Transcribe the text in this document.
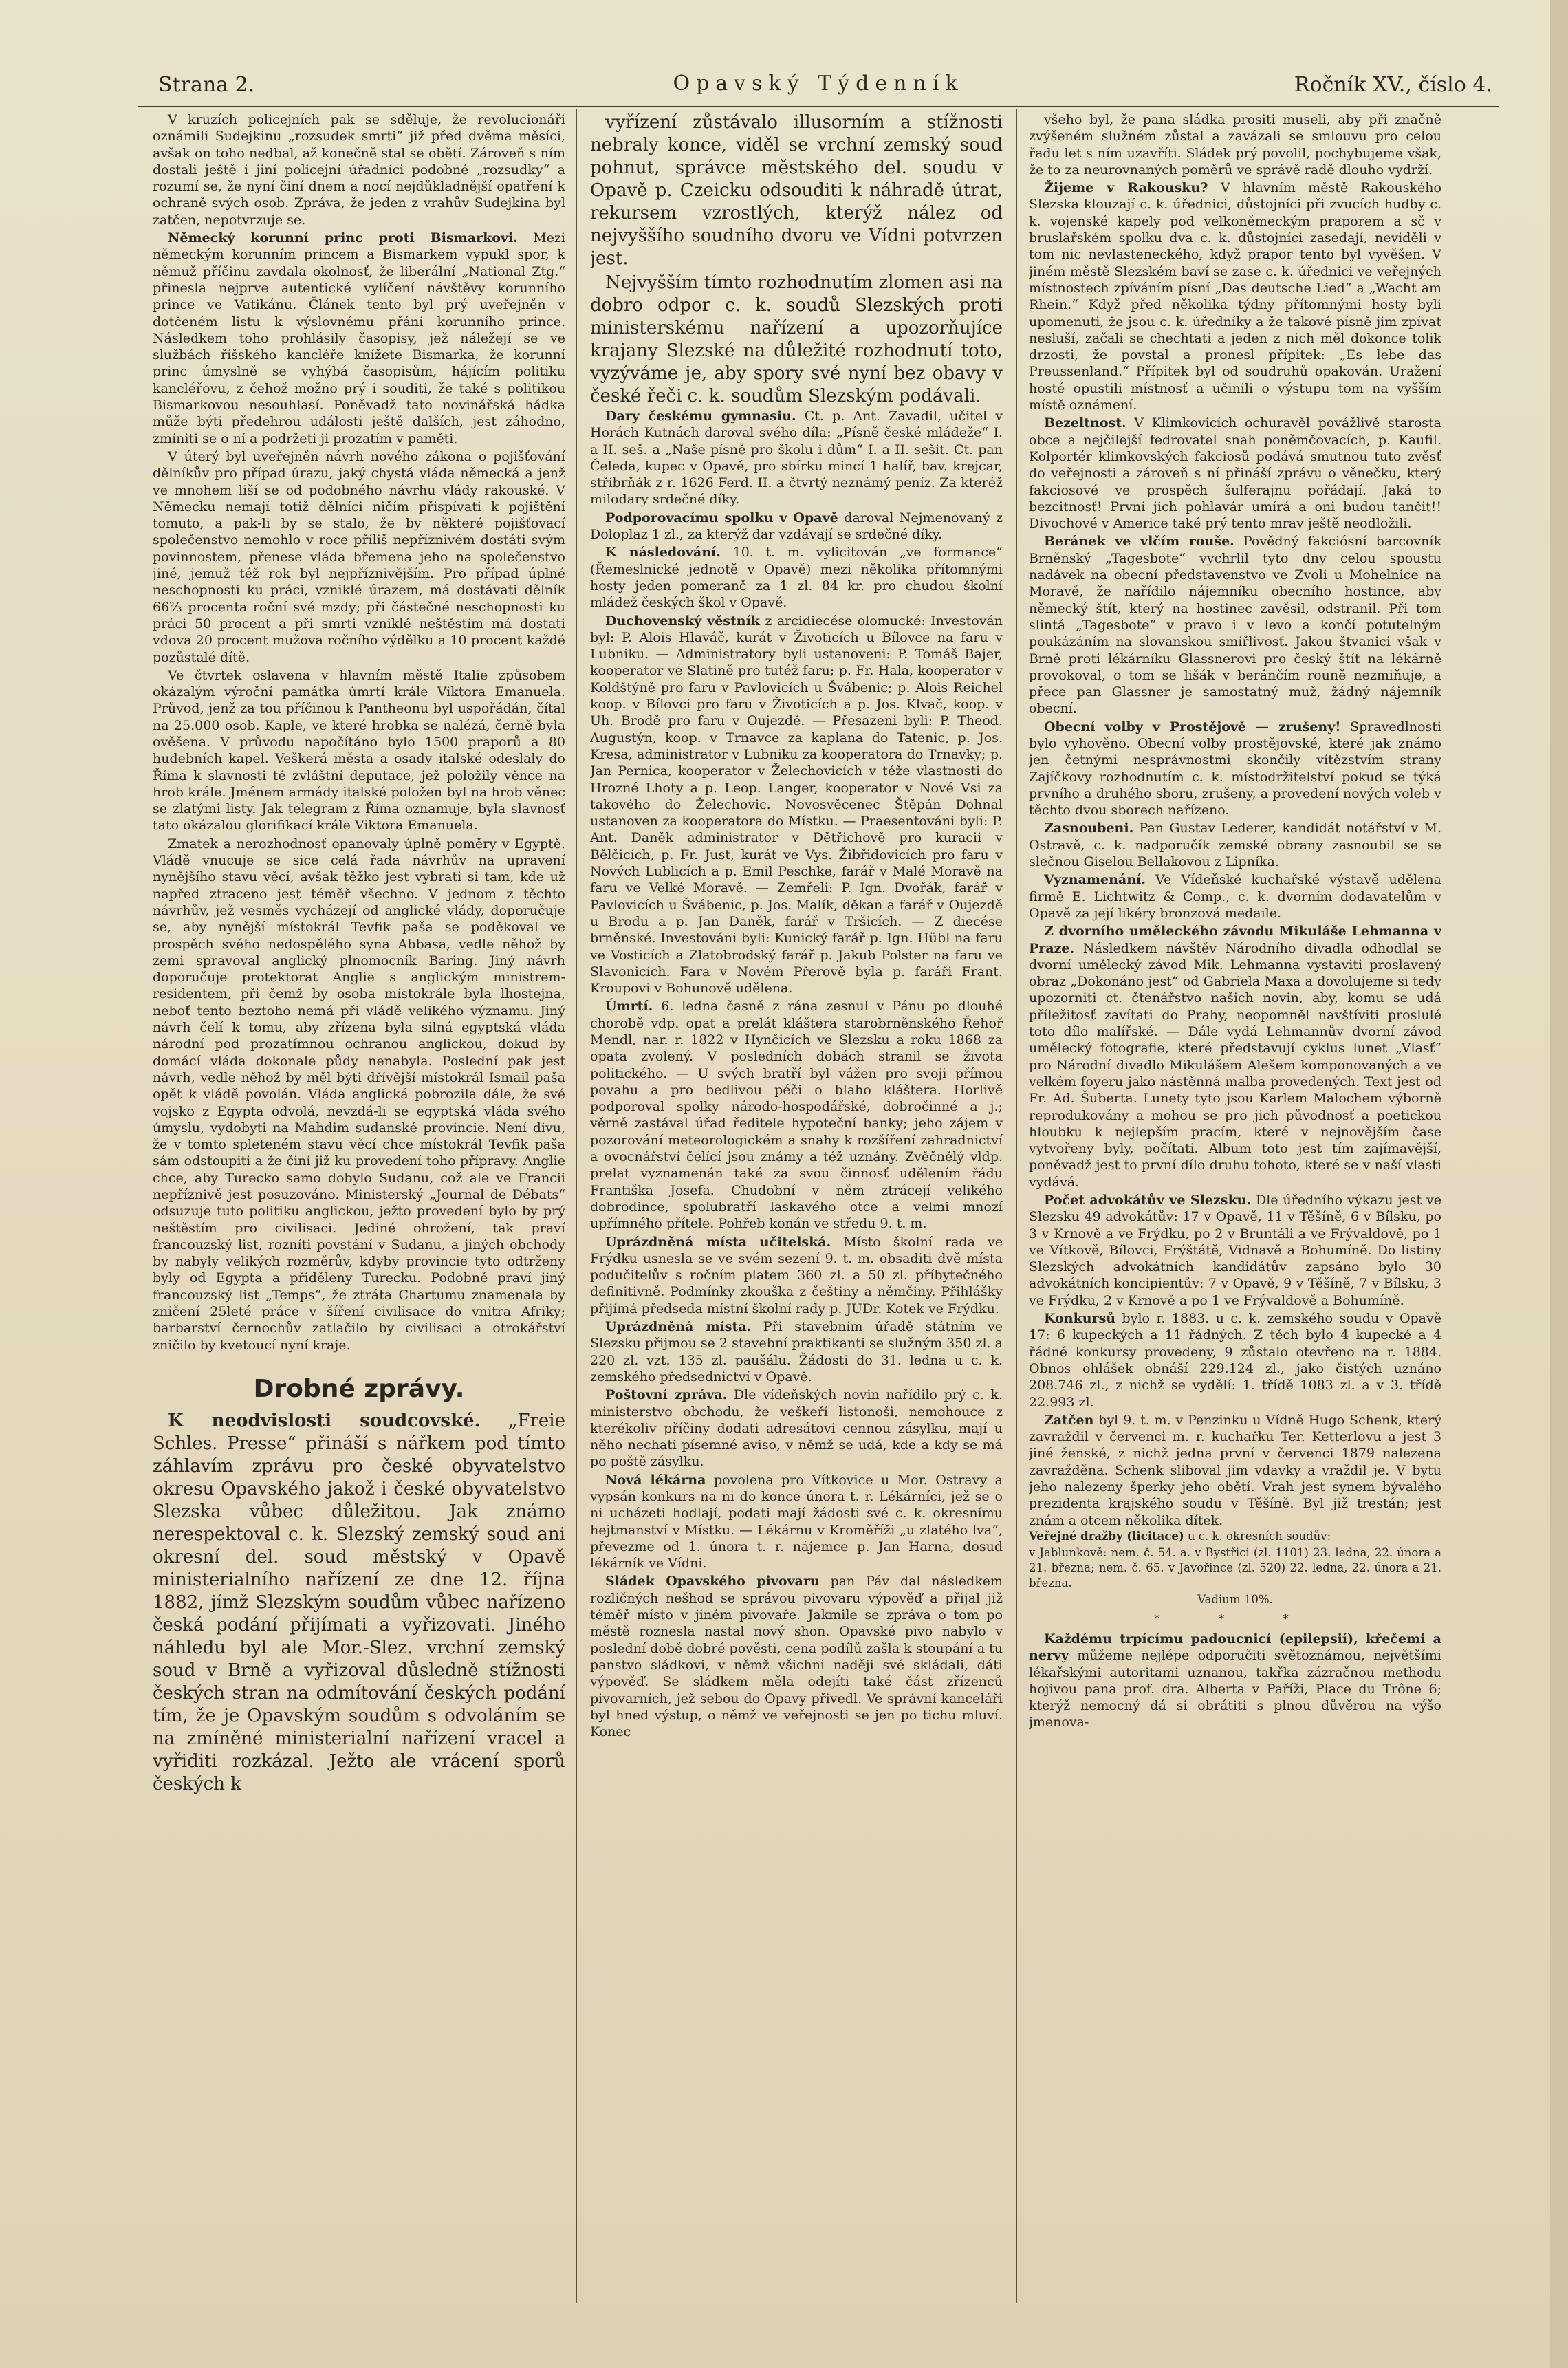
Strana 2.	Opavský Týdenník	Ročník XV., číslo 4.

V kruzích policejních pak se sděluje, že revolucionáři oznámili Sudejkinu „rozsudek smrti“ již před dvěma měsíci, avšak on toho nedbal, až konečně stal se obětí. Zároveň s ním dostali ještě i jiní policejní úřadníci podobné „rozsudky“ a rozumí se, že nyní činí dnem a nocí nejdůkladnější opatření k ochraně svých osob. Zpráva, že jeden z vrahův Sudejkina byl zatčen, nepotvrzuje se.

Německý korunní princ proti Bismarkovi. Mezi německým korunním princem a Bismarkem vypukl spor, k němuž příčinu zavdala okolnosť, že liberální „National Ztg.“ přinesla nejprve autentické vylíčení návštěvy korunního prince ve Vatikánu. Článek tento byl prý uveřejněn v dotčeném listu k výslovnému přání korunního prince. Následkem toho prohlásily časopisy, jež náležejí se ve službách říšského kancléře knížete Bismarka, že korunní princ úmyslně se vyhýbá časopisům, hájícím politiku kancléřovu, z čehož možno prý i souditi, že také s politikou Bismarkovou nesouhlasí. Poněvadž tato novinářská hádka může býti předehrou události ještě dalších, jest záhodno, zmíniti se o ní a podržeti ji prozatím v paměti.

V úterý byl uveřejněn návrh nového zákona o pojišťování dělníkův pro případ úrazu, jaký chystá vláda německá a jenž ve mnohem liší se od podobného návrhu vlády rakouské. V Německu nemají totiž dělníci ničím přispívati k pojištění tomuto, a pak-li by se stalo, že by některé pojišťovací společenstvo nemohlo v roce příliš nepříznivém dostáti svým povinnostem, přenese vláda břemena jeho na společenstvo jiné, jemuž též rok byl nejpříznivějším. Pro případ úplné neschopnosti ku práci, vzniklé úrazem, má dostávati dělník 66⅔ procenta roční své mzdy; při částečné neschopnosti ku práci 50 procent a při smrti vzniklé neštěstím má dostati vdova 20 procent mužova ročního výdělku a 10 procent každé pozůstalé dítě.

Ve čtvrtek oslavena v hlavním městě Italie způsobem okázalým výroční památka úmrtí krále Viktora Emanuela. Průvod, jenž za tou příčinou k Pantheonu byl uspořádán, čítal na 25.000 osob. Kaple, ve které hrobka se nalézá, černě byla ověšena. V průvodu napočítáno bylo 1500 praporů a 80 hudebních kapel. Veškerá města a osady italské odeslaly do Říma k slavnosti té zvláštní deputace, jež položily věnce na hrob krále. Jménem armády italské položen byl na hrob věnec se zlatými listy. Jak telegram z Říma oznamuje, byla slavnosť tato okázalou glorifikací krále Viktora Emanuela.

Zmatek a nerozhodnosť opanovaly úplně poměry v Egyptě. Vládě vnucuje se sice celá řada návrhův na upravení nynějšího stavu věcí, avšak těžko jest vybrati si tam, kde už napřed ztraceno jest téměř všechno. V jednom z těchto návrhův, jež vesměs vycházejí od anglické vlády, doporučuje se, aby nynější místokrál Tevfik paša se poděkoval ve prospěch svého nedospělého syna Abbasa, vedle něhož by zemi spravoval anglický plnomocník Baring. Jiný návrh doporučuje protektorat Anglie s anglickým ministrem-residentem, při čemž by osoba místokrále byla lhostejna, neboť tento beztoho nemá při vládě velikého významu. Jiný návrh čelí k tomu, aby zřízena byla silná egyptská vláda národní pod prozatímnou ochranou anglickou, dokud by domácí vláda dokonale půdy nenabyla. Poslední pak jest návrh, vedle něhož by měl býti dřívější místokrál Ismail paša opět k vládě povolán. Vláda anglická pobrozila dále, že své vojsko z Egypta odvolá, nevzdá-li se egyptská vláda svého úmyslu, vydobyti na Mahdim sudanské provincie. Není divu, že v tomto spleteném stavu věcí chce místokrál Tevfik paša sám odstoupiti a že činí již ku provedení toho přípravy. Anglie chce, aby Turecko samo dobylo Sudanu, což ale ve Francii nepříznivě jest posuzováno. Ministerský „Journal de Débats“ odsuzuje tuto politiku anglickou, ježto provedení bylo by prý neštěstím pro civilisaci. Jediné ohrožení, tak praví francouzský list, rozníti povstání v Sudanu, a jiných obchody by nabyly velikých rozměrův, kdyby provincie tyto odtrženy byly od Egypta a přiděleny Turecku. Podobně praví jiný francouzský list „Temps“, že ztráta Chartumu znamenala by zničení 25leté práce v šíření civilisace do vnitra Afriky; barbarství černochův zatlačilo by civilisaci a otrokářství zničilo by kvetoucí nyní kraje.

Drobné zprávy.

K neodvislosti soudcovské. „Freie Schles. Presse“ přináší s nářkem pod tímto záhlavím zprávu pro české obyvatelstvo okresu Opavského jakož i české obyvatelstvo Slezska vůbec důležitou. Jak známo nerespektoval c. k. Slezský zemský soud ani okresní del. soud městský v Opavě ministerialního nařízení ze dne 12. října 1882, jímž Slezským soudům vůbec nařízeno česká podání přijímati a vyřizovati. Jiného náhledu byl ale Mor.-Slez. vrchní zemský soud v Brně a vyřizoval důsledně stížnosti českých stran na odmítování českých podání tím, že je Opavským soudům s odvoláním se na zmíněné ministerialní nařízení vracel a vyřiditi rozkázal. Ježto ale vrácení sporů českých k

vyřízení zůstávalo illusorním a stížnosti nebraly konce, viděl se vrchní zemský soud pohnut, správce městského del. soudu v Opavě p. Czeicku odsouditi k náhradě útrat, rekursem vzrostlých, kterýž nález od nejvyššího soudního dvoru ve Vídni potvrzen jest.

Nejvyšším tímto rozhodnutím zlomen asi na dobro odpor c. k. soudů Slezských proti ministerskému nařízení a upozorňujíce krajany Slezské na důležité rozhodnutí toto, vyzýváme je, aby spory své nyní bez obavy v české řeči c. k. soudům Slezským podávali.

Dary českému gymnasiu. Ct. p. Ant. Zavadil, učitel v Horách Kutnách daroval svého díla: „Písně české mládeže“ I. a II. seš. a „Naše písně pro školu i dům“ I. a II. sešit. Ct. pan Čeleda, kupec v Opavě, pro sbírku mincí 1 halíř, bav. krejcar, stříbrňák z r. 1626 Ferd. II. a čtvrtý neznámý peníz. Za kteréž milodary srdečné díky.

Podporovacímu spolku v Opavě daroval Nejmenovaný z Doloplaz 1 zl., za kterýž dar vzdávají se srdečné díky.

K následování. 10. t. m. vylicitován „ve formance“ (Řemeslnické jednotě v Opavě) mezi několika přítomnými hosty jeden pomeranč za 1 zl. 84 kr. pro chudou školní mládež českých škol v Opavě.

Duchovenský věstník z arcidiecése olomucké: Investován byl: P. Alois Hlaváč, kurát v Životicích u Bílovce na faru v Lubniku. — Administratory byli ustanoveni: P. Tomáš Bajer, kooperator ve Slatině pro tutéž faru; p. Fr. Hala, kooperator v Koldštýně pro faru v Pavlovicích u Švábenic; p. Alois Reichel koop. v Bílovci pro faru v Životicích a p. Jos. Klvač, koop. v Uh. Brodě pro faru v Oujezdě. — Přesazeni byli: P. Theod. Augustýn, koop. v Trnavce za kaplana do Tatenic, p. Jos. Kresa, administrator v Lubniku za kooperatora do Trnavky; p. Jan Pernica, kooperator v Želechovicích v téže vlastnosti do Hrozné Lhoty a p. Leop. Langer, kooperator v Nové Vsi za takového do Želechovic. Novosvěcenec Štěpán Dohnal ustanoven za kooperatora do Místku. — Praesentováni byli: P. Ant. Daněk administrator v Dětřichově pro kuracii v Bělčicích, p. Fr. Just, kurát ve Vys. Žibřidovicích pro faru v Nových Lublicích a p. Emil Peschke, farář v Malé Moravě na faru ve Velké Moravě. — Zemřeli: P. Ign. Dvořák, farář v Pavlovicích u Švábenic, p. Jos. Malík, děkan a farář v Oujezdě u Brodu a p. Jan Daněk, farář v Tršicích. — Z diecése brněnské. Investováni byli: Kunický farář p. Ign. Hübl na faru ve Vosticích a Zlatobrodský farář p. Jakub Polster na faru ve Slavonicích. Fara v Novém Přerově byla p. faráři Frant. Kroupovi v Bohunově udělena.

Úmrtí. 6. ledna časně z rána zesnul v Pánu po dlouhé chorobě vdp. opat a prelát kláštera starobrněnského Řehoř Mendl, nar. r. 1822 v Hynčicích ve Slezsku a roku 1868 za opata zvolený. V posledních dobách stranil se života politického. — U svých bratří byl vážen pro svoji přímou povahu a pro bedlivou péči o blaho kláštera. Horlivě podporoval spolky národo-hospodářské, dobročinné a j.; věrně zastával úřad ředitele hypoteční banky; jeho zájem v pozorování meteorologickém a snahy k rozšíření zahradnictví a ovocnářství čelící jsou známy a též uznány. Zvěčnělý vldp. prelat vyznamenán také za svou činnosť udělením řádu Františka Josefa. Chudobní v něm ztrácejí velikého dobrodince, spolubratří laskavého otce a velmi mnozí upřímného přítele. Pohřeb konán ve středu 9. t. m.

Uprázdněná místa učitelská. Místo školní rada ve Frýdku usnesla se ve svém sezení 9. t. m. obsaditi dvě místa podučitelův s ročním platem 360 zl. a 50 zl. příbytečného definitivně. Podmínky zkouška z češtiny a němčiny. Přihlášky přijímá předseda místní školní rady p. JUDr. Kotek ve Frýdku.

Uprázdněná místa. Při stavebním úřadě státním ve Slezsku přijmou se 2 stavební praktikanti se služným 350 zl. a 220 zl. vzt. 135 zl. paušálu. Žádosti do 31. ledna u c. k. zemského předsednictví v Opavě.

Poštovní zpráva. Dle vídeňských novin nařídilo prý c. k. ministerstvo obchodu, že veškeří listonoši, nemohouce z kterékoliv příčiny dodati adresátovi cennou zásylku, mají u něho nechati písemné aviso, v němž se udá, kde a kdy se má po poště zásylku.

Nová lékárna povolena pro Vítkovice u Mor. Ostravy a vypsán konkurs na ni do konce února t. r. Lékárníci, jež se o ni ucházeti hodlají, podati mají žádosti své c. k. okresnímu hejtmanství v Místku. — Lékárnu v Kroměříži „u zlatého lva“, převezme od 1. února t. r. nájemce p. Jan Harna, dosud lékárník ve Vídni.

Sládek Opavského pivovaru pan Páv dal následkem rozličných nešhod se správou pivovaru výpověď a přijal již téměř místo v jiném pivovaře. Jakmile se zpráva o tom po městě roznesla nastal nový shon. Opavské pivo nabylo v poslední době dobré pověsti, cena podílů zašla k stoupání a tu panstvo sládkovi, v němž všichni naději své skládali, dáti výpověď. Se sládkem měla odejíti také část zřízenců pivovarních, jež sebou do Opavy přivedl. Ve správní kanceláři byl hned výstup, o němž ve veřejnosti se jen po tichu mluví. Konec

všeho byl, že pana sládka prositi museli, aby při značně zvýšeném služném zůstal a zavázali se smlouvu pro celou řadu let s ním uzavříti. Sládek prý povolil, pochybujeme však, že to za neurovnaných poměrů ve správě radě dlouho vydrží.

Žijeme v Rakousku? V hlavním městě Rakouského Slezska klouzají c. k. úřednici, důstojníci při zvucích hudby c. k. vojenské kapely pod velkoněmeckým praporem a sč v bruslařském spolku dva c. k. důstojníci zasedají, neviděli v tom nic nevlasteneckého, když prapor tento byl vyvěšen. V jiném městě Slezském baví se zase c. k. úřednici ve veřejných místnostech zpíváním písní „Das deutsche Lied“ a „Wacht am Rhein.“ Když před několika týdny přítomnými hosty byli upomenuti, že jsou c. k. úředníky a že takové písně jim zpívat nesluší, začali se chechtati a jeden z nich měl dokonce tolik drzosti, že povstal a pronesl přípitek: „Es lebe das Preussenland.“ Přípitek byl od soudruhů opakován. Uražení hosté opustili místnosť a učinili o výstupu tom na vyšším místě oznámení.

Bezeltnost. V Klimkovicích ochuravěl povážlivě starosta obce a nejčilejší fedrovatel snah poněmčovacích, p. Kaufil. Kolportér klimkovských fakciosů podává smutnou tuto zvěsť do veřejnosti a zároveň s ní přináší zprávu o věnečku, který fakciosové ve prospěch šulferajnu pořádají. Jaká to bezcitnosť! První jich pohlavár umírá a oni budou tančit!! Divochové v Americe také prý tento mrav ještě neodložili.

Beránek ve vlčím rouše. Povědný fakciósní barcovník Brněnský „Tagesbote“ vychrlil tyto dny celou spoustu nadávek na obecní představenstvo ve Zvoli u Mohelnice na Moravě, že nařídilo nájemníku obecního hostince, aby německý štít, který na hostinec zavěsil, odstranil. Při tom slintá „Tagesbote“ v pravo i v levo a končí potutelným poukázáním na slovanskou smířlivosť. Jakou štvanici však v Brně proti lékárníku Glassnerovi pro český štít na lékárně provokoval, o tom se lišák v beránčím rouně nezmiňuje, a přece pan Glassner je samostatný muž, žádný nájemník obecní.

Obecní volby v Prostějově — zrušeny! Spravedlnosti bylo vyhověno. Obecní volby prostějovské, které jak známo jen četnými nesprávnostmi skončily vítězstvím strany Zajíčkovy rozhodnutím c. k. místodržitelství pokud se týká prvního a druhého sboru, zrušeny, a provedení nových voleb v těchto dvou sborech nařízeno.

Zasnoubeni. Pan Gustav Lederer, kandidát notářství v M. Ostravě, c. k. nadporučík zemské obrany zasnoubil se se slečnou Giselou Bellakovou z Lipníka.

Vyznamenání. Ve Vídeňské kuchařské výstavě udělena firmě E. Lichtwitz & Comp., c. k. dvorním dodavatelům v Opavě za její likéry bronzová medaile.

Z dvorního uměleckého závodu Mikuláše Lehmanna v Praze. Následkem návštěv Národního divadla odhodlal se dvorní umělecký závod Mik. Lehmanna vystaviti proslavený obraz „Dokonáno jest“ od Gabriela Maxa a dovolujeme si tedy upozorniti ct. čtenářstvo našich novin, aby, komu se udá příležitosť zavítati do Prahy, neopomněl navštíviti proslulé toto dílo malířské. — Dále vydá Lehmannův dvorní závod umělecký fotografie, které představují cyklus lunet „Vlasť“ pro Národní divadlo Mikulášem Alešem komponovaných a ve velkém foyeru jako nástěnná malba provedených. Text jest od Fr. Ad. Šuberta. Lunety tyto jsou Karlem Malochem výborně reprodukovány a mohou se pro jich původnosť a poetickou hloubku k nejlepším pracím, které v nejnovějším čase vytvořeny byly, počítati. Album toto jest tím zajímavější, poněvadž jest to první dílo druhu tohoto, které se v naší vlasti vydává.

Počet advokátův ve Slezsku. Dle úředního výkazu jest ve Slezsku 49 advokátův: 17 v Opavě, 11 v Těšíně, 6 v Bílsku, po 3 v Krnově a ve Frýdku, po 2 v Bruntáli a ve Frývaldově, po 1 ve Vítkově, Bílovci, Frýštátě, Vidnavě a Bohumíně. Do listiny Slezských advokátních kandidátův zapsáno bylo 30 advokátních koncipientův: 7 v Opavě, 9 v Těšíně, 7 v Bílsku, 3 ve Frýdku, 2 v Krnově a po 1 ve Frývaldově a Bohumíně.

Konkursů bylo r. 1883. u c. k. zemského soudu v Opavě 17: 6 kupeckých a 11 řádných. Z těch bylo 4 kupecké a 4 řádné konkursy provedeny, 9 zůstalo otevřeno na r. 1884. Obnos ohlášek obnáší 229.124 zl., jako čistých uznáno 208.746 zl., z nichž se vydělí: 1. třídě 1083 zl. a v 3. třídě 22.993 zl.

Zatčen byl 9. t. m. v Penzinku u Vídně Hugo Schenk, který zavraždil v červenci m. r. kuchařku Ter. Ketterlovu a jest 3 jiné ženské, z nichž jedna první v červenci 1879 nalezena zavražděna. Schenk sliboval jim vdavky a vraždil je. V bytu jeho nalezeny šperky jeho obětí. Vrah jest synem bývalého prezidenta krajského soudu v Těšíně. Byl již trestán; jest znám a otcem několika dítek.

Veřejné dražby (licitace) u c. k. okresních soudův:

v Jablunkově: nem. č. 54. a. v Bystřici (zl. 1101) 23. ledna, 22. února a 21. března; nem. č. 65. v Javořince (zl. 520) 22. ledna, 22. února a 21. března.

Vadium 10%.

* * *

Každému trpícímu padoucnicí (epilepsií), křečemi a nervy můžeme nejlépe odporučiti světoznámou, největšími lékařskými autoritami uznanou, takřka zázračnou methodu hojivou pana prof. dra. Alberta v Paříži, Place du Trône 6; kterýž nemocný dá si obrátiti s plnou důvěrou na výšo jmenova-
